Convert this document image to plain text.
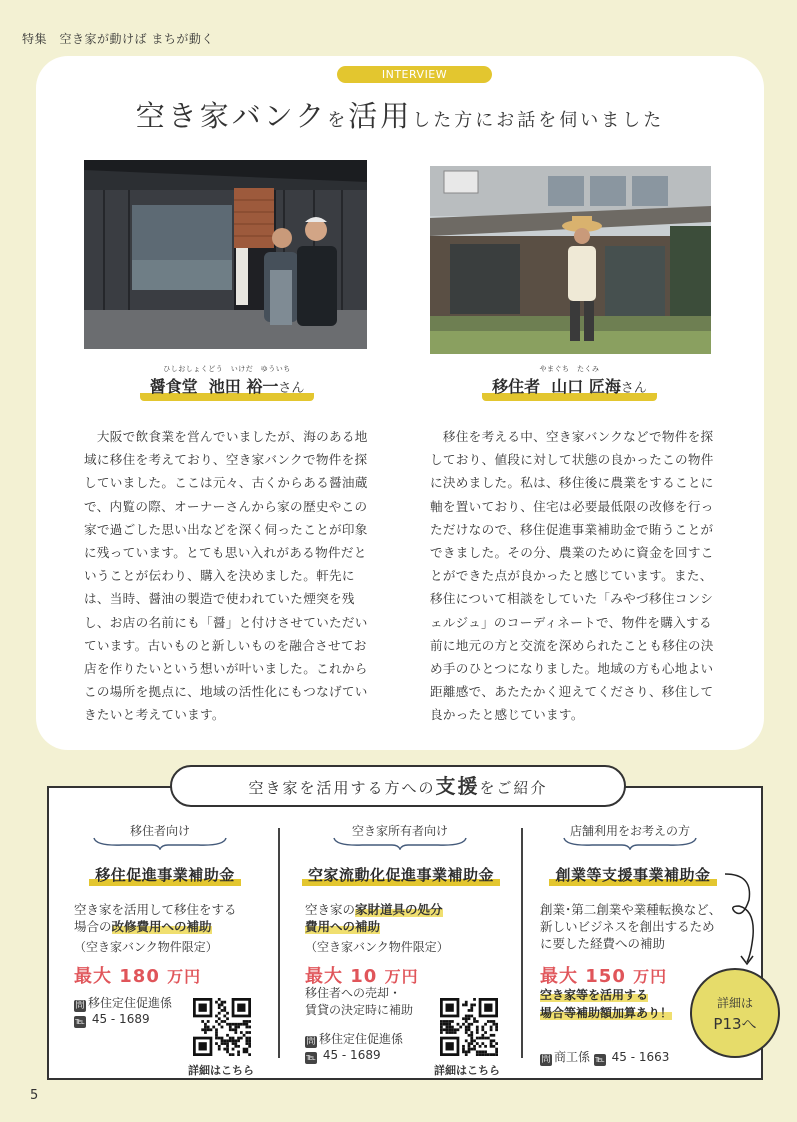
特集　空き家が動けば まちが動く
INTERVIEW
空き家バンクを活用した方にお話を伺いました
ひしおしょくどう　いけだ　ゆういち
醤食堂 池田 裕一さん
やまぐち　たくみ
移住者 山口 匠海さん
　大阪で飲食業を営んでいましたが、海のある地域に移住を考えており、空き家バンクで物件を探していました。ここは元々、古くからある醤油蔵で、内覧の際、オーナーさんから家の歴史やこの家で過ごした思い出などを深く伺ったことが印象に残っています。とても思い入れがある物件だということが伝わり、購入を決めました。軒先には、当時、醤油の製造で使われていた煙突を残し、お店の名前にも「醤」と付けさせていただいています。古いものと新しいものを融合させてお店を作りたいという想いが叶いました。これからこの場所を拠点に、地域の活性化にもつなげていきたいと考えています。
　移住を考える中、空き家バンクなどで物件を探しており、値段に対して状態の良かったこの物件に決めました。私は、移住後に農業をすることに軸を置いており、住宅は必要最低限の改修を行っただけなので、移住促進事業補助金で賄うことができました。その分、農業のために資金を回すことができた点が良かったと感じています。また、移住について相談をしていた「みやづ移住コンシェルジュ」のコーディネートで、物件を購入する前に地元の方と交流を深められたことも移住の決め手のひとつになりました。地域の方も心地よい距離感で、あたたかく迎えてくださり、移住して良かったと感じています。
空き家を活用する方への支援をご紹介
移住者向け
移住促進事業補助金
空き家を活用して移住をする
場合の改修費用への補助
（空き家バンク物件限定）
最大 180 万円
問 移住定住促進係
℡ 45 - 1689
詳細はこちら
空き家所有者向け
空家流動化促進事業補助金
空き家の家財道具の処分
費用への補助
（空き家バンク物件限定）
最大 10 万円
移住者への売却・
賃貸の決定時に補助
問 移住定住促進係
℡ 45 - 1689
詳細はこちら
店舗利用をお考えの方
創業等支援事業補助金
創業･第二創業や業種転換など、
新しいビジネスを創出するため
に要した経費への補助
最大 150 万円
空き家等を活用する
場合等補助額加算あり！
問 商工係 ℡ 45 - 1663
詳細は
P13へ
5
